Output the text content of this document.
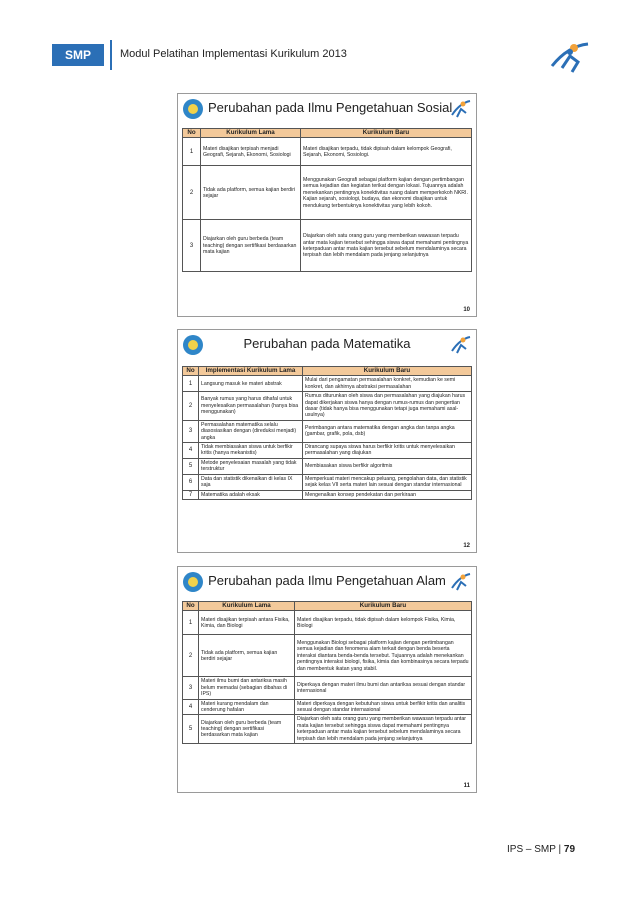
SMP	Modul Pelatihan Implementasi Kurikulum 2013
Perubahan pada Ilmu Pengetahuan Sosial
No	Kurikulum Lama	Kurikulum Baru
1	Materi disajikan terpisah menjadi Geografi, Sejarah, Ekonomi, Sosiologi	Materi disajikan terpadu, tidak dipisah dalam kelompok Geografi, Sejarah, Ekonomi, Sosiologi.
2	Tidak ada platform, semua kajian berdiri sejajar	Menggunakan Geografi sebagai platform kajian dengan pertimbangan semua kejadian dan kegiatan terikat dengan lokasi. Tujuannya adalah menekankan pentingnya konektivitas ruang dalam memperkokoh NKRI. Kajian sejarah, sosiologi, budaya, dan ekonomi disajikan untuk mendukung terbentuknya konektivitas yang lebih kokoh.
3	Diajarkan oleh guru berbeda (team teaching) dengan sertifikasi berdasarkan mata kajian	Diajarkan oleh satu orang guru yang memberikan wawasan terpadu antar mata kajian tersebut sehingga siswa dapat memahami pentingnya keterpaduan antar mata kajian tersebut sebelum mendalaminya secara terpisah dan lebih mendalam pada jenjang selanjutnya
10
Perubahan pada Matematika
No	Implementasi Kurikulum Lama	Kurikulum Baru
1	Langsung masuk ke materi abstrak	Mulai dari pengamatan permasalahan konkret, kemudian ke semi konkret, dan akhirnya abstraksi permasalahan
2	Banyak rumus yang harus dihafal untuk menyelesaikan permasalahan (hanya bisa menggunakan)	Rumus diturunkan oleh siswa dan permasalahan yang diajukan harus dapat dikerjakan siswa hanya dengan rumus-rumus dan pengertian dasar (tidak hanya bisa menggunakan tetapi juga memahami asal-usulnya)
3	Permasalahan matematika selalu diasosiasikan dengan (direduksi menjadi) angka	Perimbangan antara matematika dengan angka dan tanpa angka (gambar, grafik, pola, dsb)
4	Tidak membiasakan siswa untuk berfikir kritis (hanya mekanistis)	Dirancang supaya siswa harus berfikir kritis untuk menyelesaikan permasalahan yang diajukan
5	Metode penyelesaian masalah yang tidak terstruktur	Membiasakan siswa berfikir algoritmis
6	Data dan statistik dikenalkan di kelas IX saja	Memperkuat materi mencakup peluang, pengolahan data, dan statistik sejak kelas VII serta materi lain sesuai dengan standar internasional
7	Matematika adalah eksak	Mengenalkan konsep pendekatan dan perkiraan
12
Perubahan pada Ilmu Pengetahuan Alam
No	Kurikulum Lama	Kurikulum Baru
1	Materi disajikan terpisah antara Fisika, Kimia, dan Biologi	Materi disajikan terpadu, tidak dipisah dalam kelompok Fisika, Kimia, Biologi
2	Tidak ada platform, semua kajian berdiri sejajar	Menggunakan Biologi sebagai platform kajian dengan pertimbangan semua kejadian dan fenomena alam terkait dengan benda beserta interaksi diantara benda-benda tersebut. Tujuannya adalah menekankan pentingnya interaksi biologi, fisika, kimia dan kombinasinya secara terpadu dan membentuk ikatan yang stabil.
3	Materi ilmu bumi dan antariksa masih belum memadai (sebagian dibahas di IPS)	Diperkaya dengan materi ilmu bumi dan antariksa sesuai dengan standar internasional
4	Materi kurang mendalam dan cenderung hafalan	Materi diperkaya dengan kebutuhan siswa untuk berfikir kritis dan analitis sesuai dengan standar internasional
5	Diajarkan oleh guru berbeda (team teaching) dengan sertifikasi berdasarkan mata kajian	Diajarkan oleh satu orang guru yang memberikan wawasan terpadu antar mata kajian tersebut sehingga siswa dapat memahami pentingnya keterpaduan antar mata kajian tersebut sebelum mendalaminya secara terpisah dan lebih mendalam pada jenjang selanjutnya
11
IPS – SMP | 79
